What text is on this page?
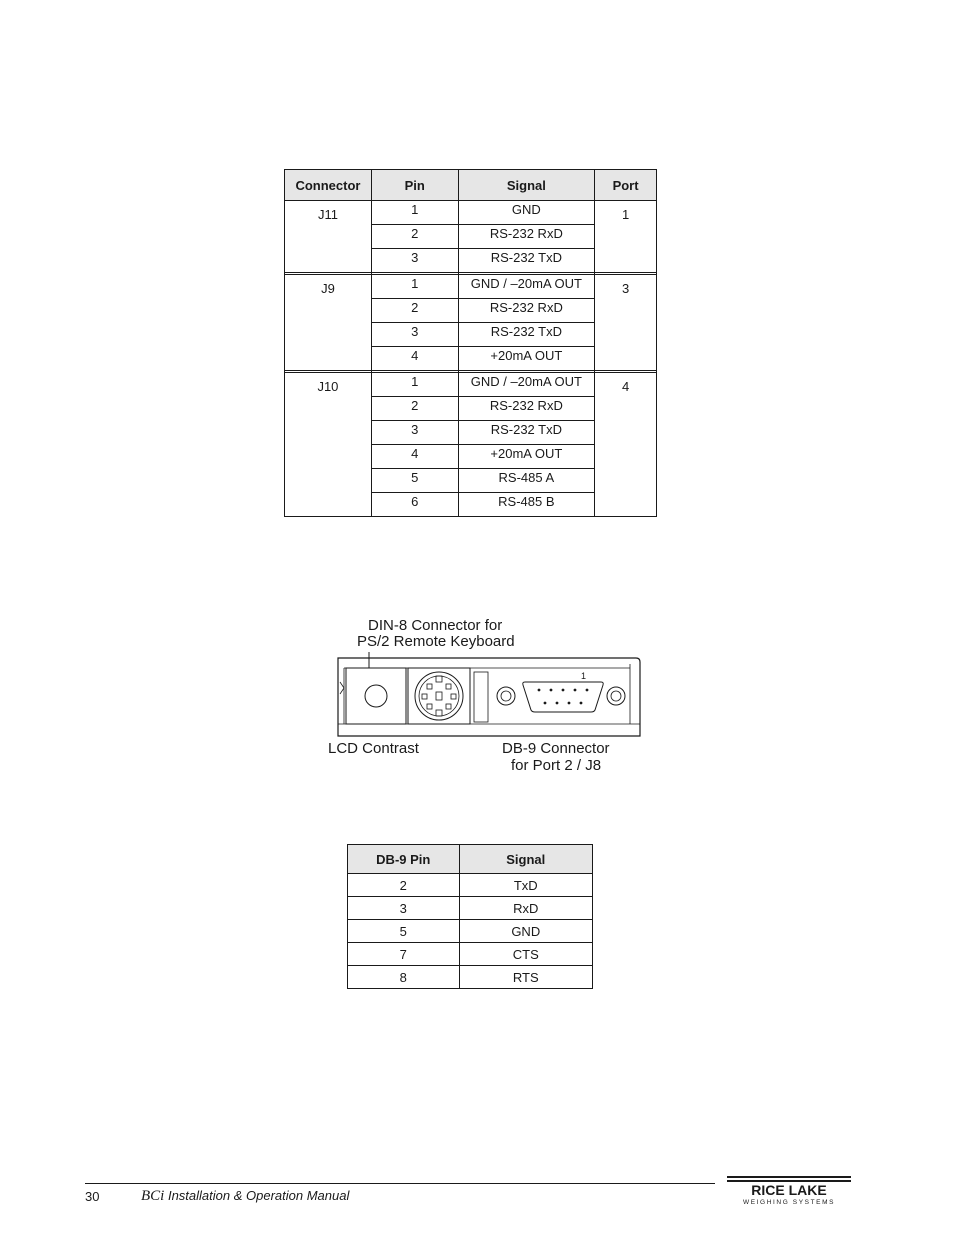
Connector	Pin	Signal	Port
J11	1	GND	1
	2	RS-232 RxD	
	3	RS-232 TxD	

J9	1	GND / –20mA OUT	3
	2	RS-232 RxD	
	3	RS-232 TxD	
	4	+20mA OUT	

J10	1	GND / –20mA OUT	4
	2	RS-232 RxD	
	3	RS-232 TxD	
	4	+20mA OUT	
	5	RS-485 A	
	6	RS-485 B	
DIN-8 Connector for
PS/2 Remote Keyboard
1
LCD Contrast	DB-9 Connector
for Port 2 / J8
DB-9 Pin	Signal
2	TxD
3	RxD
5	GND
7	CTS
8	RTS
30	BCi Installation & Operation Manual	RICE LAKE
WEIGHING SYSTEMS
